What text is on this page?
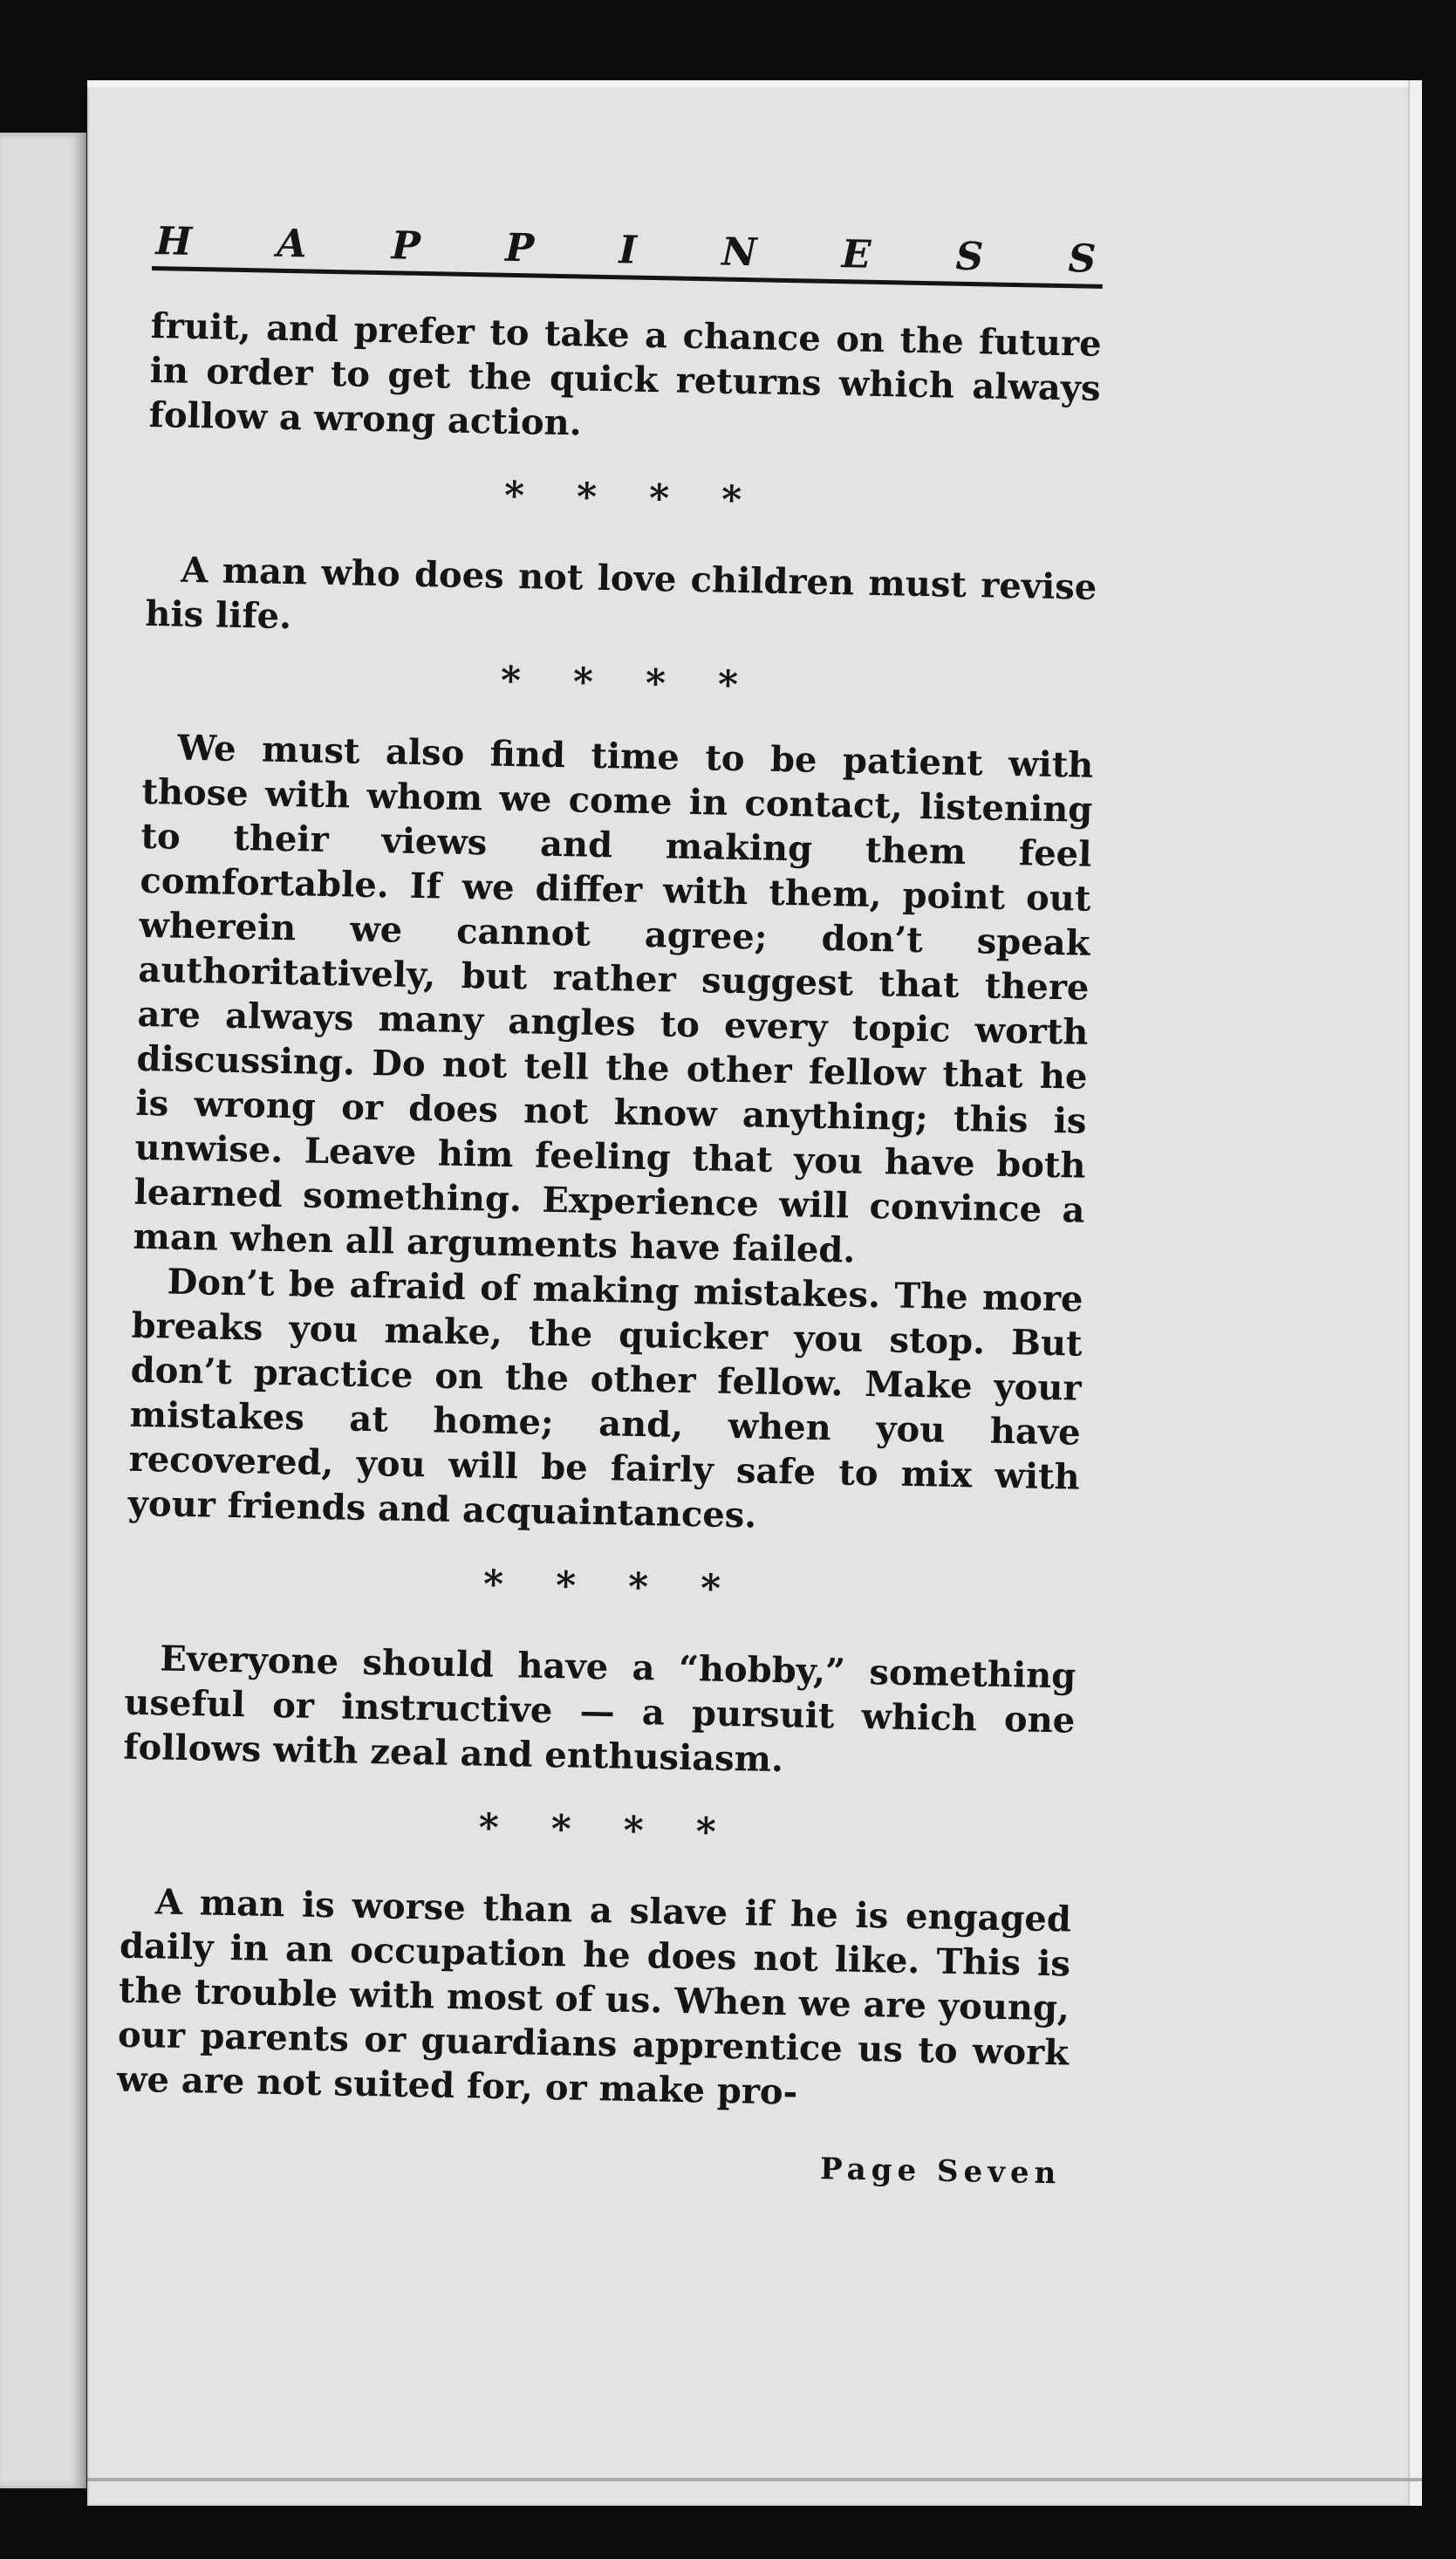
H A P P I N E S S

fruit, and prefer to take a chance on the future in order to get the quick returns which always follow a wrong action.

* * * *

A man who does not love children must revise his life.

* * * *

We must also find time to be patient with those with whom we come in contact, listening to their views and making them feel comfortable. If we differ with them, point out wherein we cannot agree; don’t speak authoritatively, but rather suggest that there are always many angles to every topic worth discussing. Do not tell the other fellow that he is wrong or does not know anything; this is unwise. Leave him feeling that you have both learned something. Experience will convince a man when all arguments have failed.

Don’t be afraid of making mistakes. The more breaks you make, the quicker you stop. But don’t practice on the other fellow. Make your mistakes at home; and, when you have recovered, you will be fairly safe to mix with your friends and acquaintances.

* * * *

Everyone should have a “hobby,” something useful or instructive — a pursuit which one follows with zeal and enthusiasm.

* * * *

A man is worse than a slave if he is engaged daily in an occupation he does not like. This is the trouble with most of us. When we are young, our parents or guardians apprentice us to work we are not suited for, or make pro-

Page Seven
